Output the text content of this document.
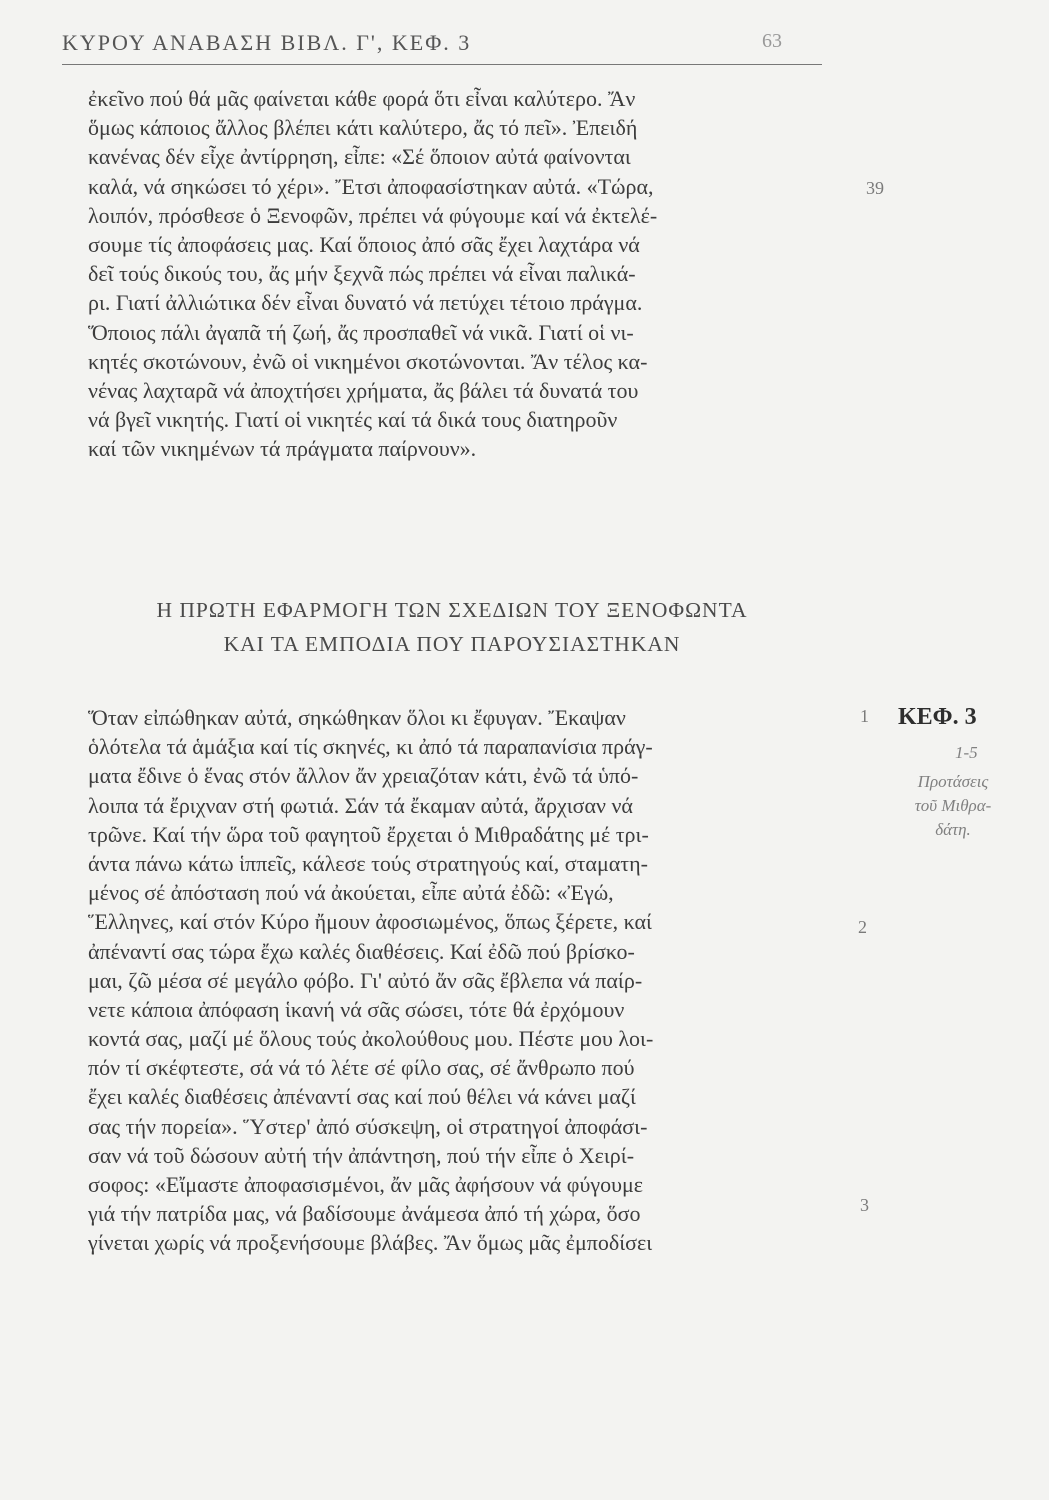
ΚΥΡΟΥ ΑΝΑΒΑΣΗ ΒΙΒΛ. Γ', ΚΕΦ. 3	63
ἐκεῖνο πού θά μᾶς φαίνεται κάθε φορά ὅτι εἶναι καλύτερο. Ἄν
ὅμως κάποιος ἄλλος βλέπει κάτι καλύτερο, ἄς τό πεῖ». Ἐπειδή
κανένας δέν εἶχε ἀντίρρηση, εἶπε: «Σέ ὅποιον αὐτά φαίνονται
καλά, νά σηκώσει τό χέρι». Ἔτσι ἀποφασίστηκαν αὐτά. «Τώρα,
λοιπόν, πρόσθεσε ὁ Ξενοφῶν, πρέπει νά φύγουμε καί νά ἐκτελέ-
σουμε τίς ἀποφάσεις μας. Καί ὅποιος ἀπό σᾶς ἔχει λαχτάρα νά
δεῖ τούς δικούς του, ἄς μήν ξεχνᾶ πώς πρέπει νά εἶναι παλικά-
ρι. Γιατί ἀλλιώτικα δέν εἶναι δυνατό νά πετύχει τέτοιο πράγμα.
Ὅποιος πάλι ἀγαπᾶ τή ζωή, ἄς προσπαθεῖ νά νικᾶ. Γιατί οἱ νι-
κητές σκοτώνουν, ἐνῶ οἱ νικημένοι σκοτώνονται. Ἄν τέλος κα-
νένας λαχταρᾶ νά ἀποχτήσει χρήματα, ἄς βάλει τά δυνατά του
νά βγεῖ νικητής. Γιατί οἱ νικητές καί τά δικά τους διατηροῦν
καί τῶν νικημένων τά πράγματα παίρνουν».
39
Η ΠΡΩΤΗ ΕΦΑΡΜΟΓΗ ΤΩΝ ΣΧΕΔΙΩΝ ΤΟΥ ΞΕΝΟΦΩΝΤΑ
ΚΑΙ ΤΑ ΕΜΠΟΔΙΑ ΠΟΥ ΠΑΡΟΥΣΙΑΣΤΗΚΑΝ
Ὅταν εἰπώθηκαν αὐτά, σηκώθηκαν ὅλοι κι ἔφυγαν. Ἔκαψαν
ὁλότελα τά ἁμάξια καί τίς σκηνές, κι ἀπό τά παραπανίσια πράγ-
ματα ἔδινε ὁ ἕνας στόν ἄλλον ἄν χρειαζόταν κάτι, ἐνῶ τά ὑπό-
λοιπα τά ἔριχναν στή φωτιά. Σάν τά ἔκαμαν αὐτά, ἄρχισαν νά
τρῶνε. Καί τήν ὥρα τοῦ φαγητοῦ ἔρχεται ὁ Μιθραδάτης μέ τρι-
άντα πάνω κάτω ἱππεῖς, κάλεσε τούς στρατηγούς καί, σταματη-
μένος σέ ἀπόσταση πού νά ἀκούεται, εἶπε αὐτά ἐδῶ: «Ἐγώ,
Ἕλληνες, καί στόν Κύρο ἤμουν ἀφοσιωμένος, ὅπως ξέρετε, καί
ἀπέναντί σας τώρα ἔχω καλές διαθέσεις. Καί ἐδῶ πού βρίσκο-
μαι, ζῶ μέσα σέ μεγάλο φόβο. Γι' αὐτό ἄν σᾶς ἔβλεπα νά παίρ-
νετε κάποια ἀπόφαση ἱκανή νά σᾶς σώσει, τότε θά ἐρχόμουν
κοντά σας, μαζί μέ ὅλους τούς ἀκολούθους μου. Πέστε μου λοι-
πόν τί σκέφτεστε, σά νά τό λέτε σέ φίλο σας, σέ ἄνθρωπο πού
ἔχει καλές διαθέσεις ἀπέναντί σας καί πού θέλει νά κάνει μαζί
σας τήν πορεία». Ὕστερ' ἀπό σύσκεψη, οἱ στρατηγοί ἀποφάσι-
σαν νά τοῦ δώσουν αὐτή τήν ἀπάντηση, πού τήν εἶπε ὁ Χειρί-
σοφος: «Εἴμαστε ἀποφασισμένοι, ἄν μᾶς ἀφήσουν νά φύγουμε
γιά τήν πατρίδα μας, νά βαδίσουμε ἀνάμεσα ἀπό τή χώρα, ὅσο
γίνεται χωρίς νά προξενήσουμε βλάβες. Ἄν ὅμως μᾶς ἐμποδίσει
1
2
3
ΚΕΦ. 3
1-5
Προτάσεις
τοῦ Μιθρα-
δάτη.
